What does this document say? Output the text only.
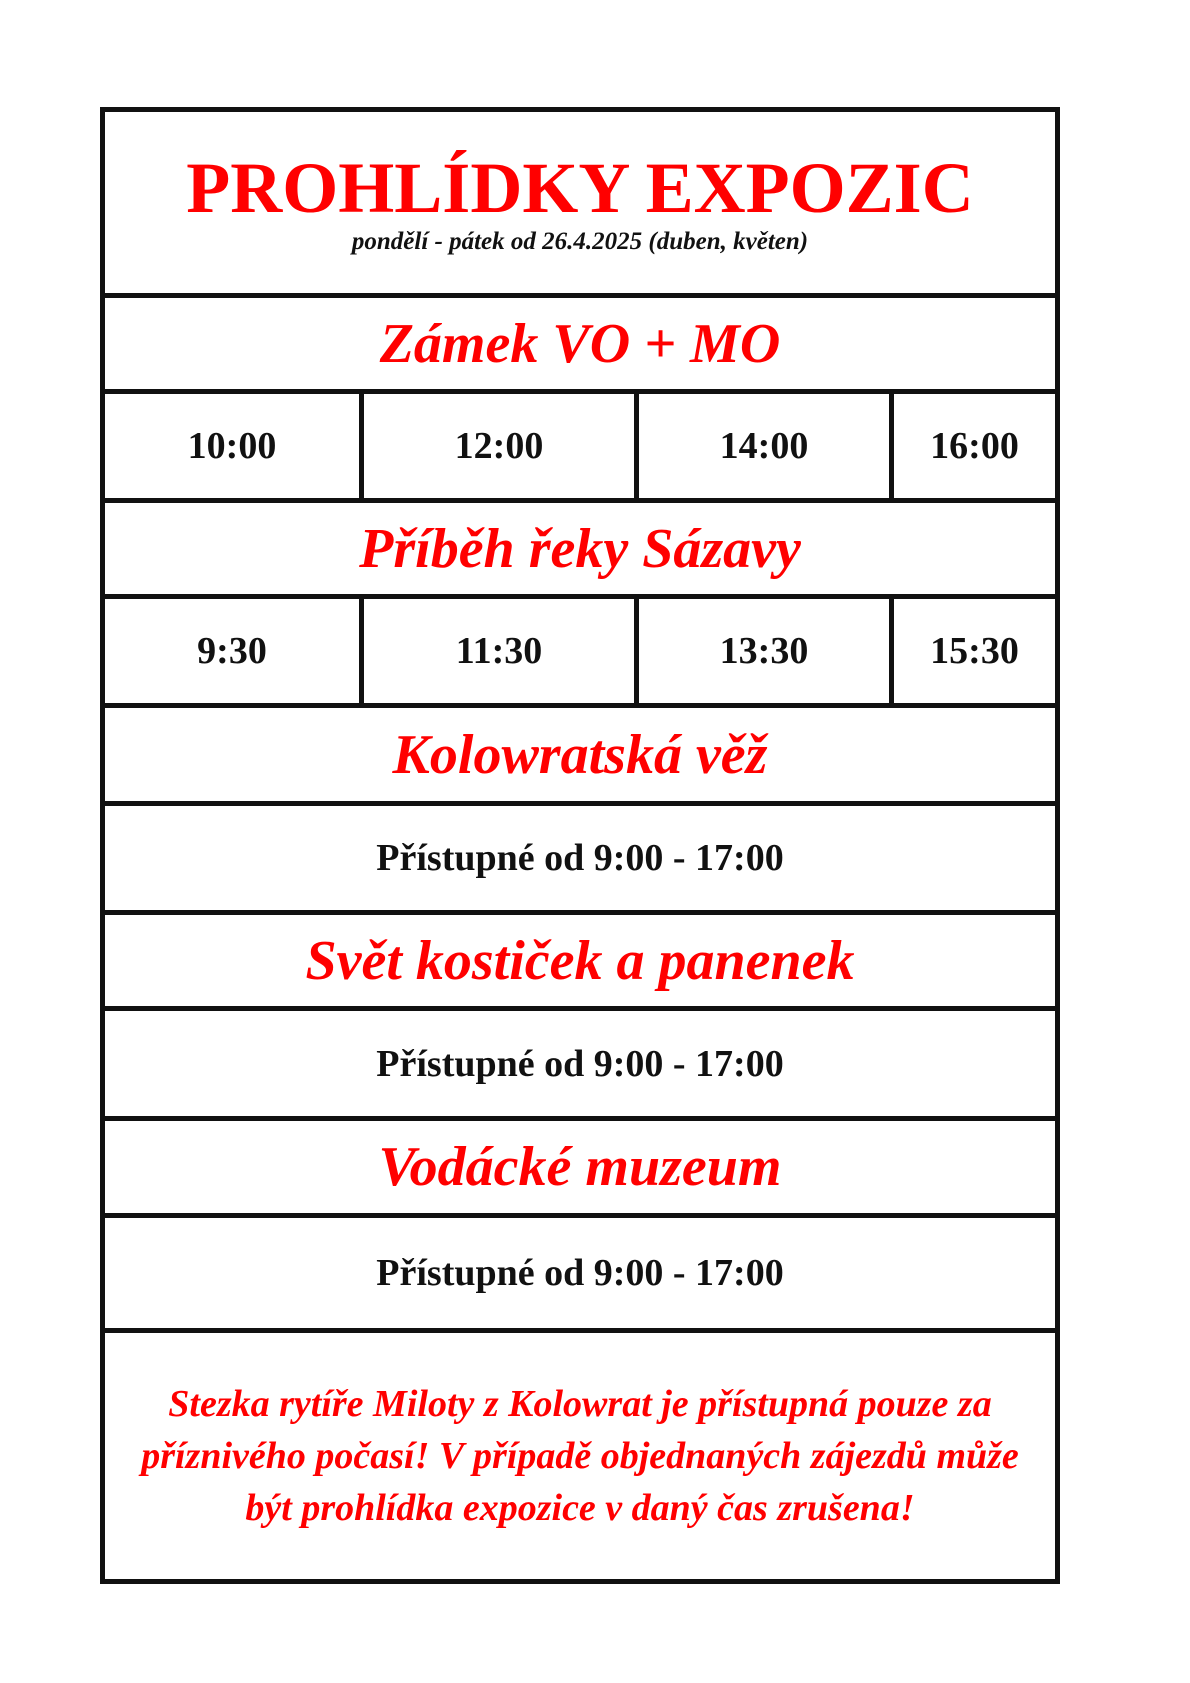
PROHLÍDKY EXPOZIC
pondělí - pátek od 26.4.2025 (duben, květen)
Zámek VO + MO
10:00	12:00	14:00	16:00
Příběh řeky Sázavy
9:30	11:30	13:30	15:30
Kolowratská věž
Přístupné od 9:00 - 17:00
Svět kostiček a panenek
Přístupné od 9:00 - 17:00
Vodácké muzeum
Přístupné od 9:00 - 17:00
Stezka rytíře Miloty z Kolowrat je přístupná pouze za příznivého počasí! V případě objednaných zájezdů může být prohlídka expozice v daný čas zrušena!
